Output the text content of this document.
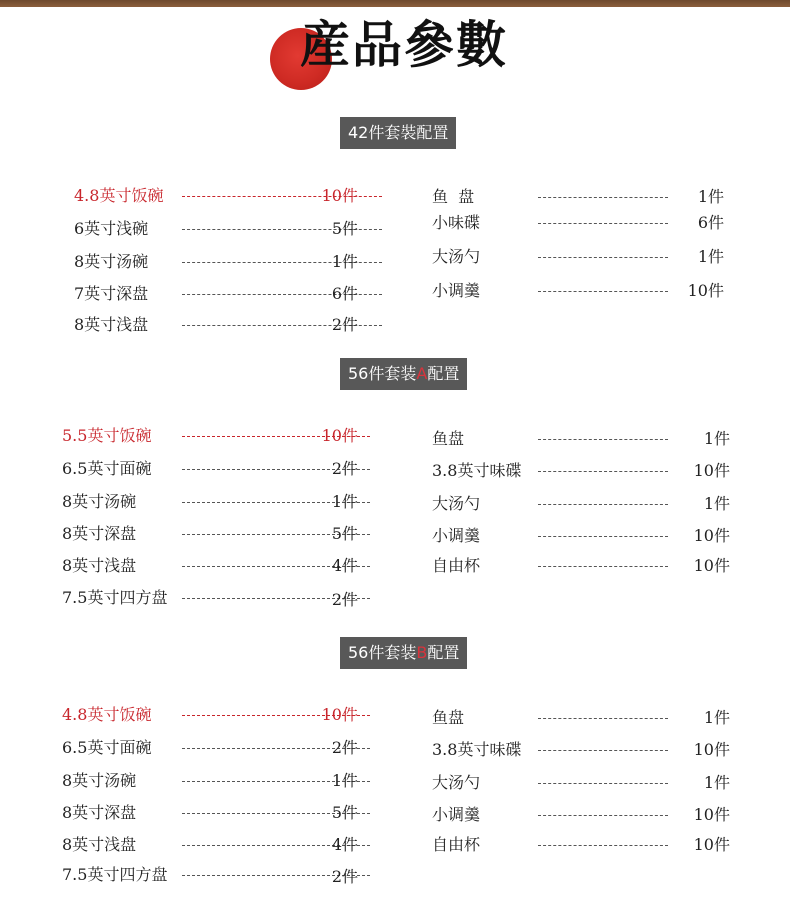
産品參數
42件套裝配置
4.8英寸饭碗	10件
6英寸浅碗	5件
8英寸汤碗	1件
7英寸深盘	6件
8英寸浅盘	2件
鱼  盘	1件
小味碟	6件
大汤勺	1件
小调羹	10件
56件套装A配置
5.5英寸饭碗	10件
6.5英寸面碗	2件
8英寸汤碗	1件
8英寸深盘	5件
8英寸浅盘	4件
7.5英寸四方盘	2件
鱼盘	1件
3.8英寸味碟	10件
大汤勺	1件
小调羹	10件
自由杯	10件
56件套装B配置
4.8英寸饭碗	10件
6.5英寸面碗	2件
8英寸汤碗	1件
8英寸深盘	5件
8英寸浅盘	4件
7.5英寸四方盘	2件
鱼盘	1件
3.8英寸味碟	10件
大汤勺	1件
小调羹	10件
自由杯	10件
